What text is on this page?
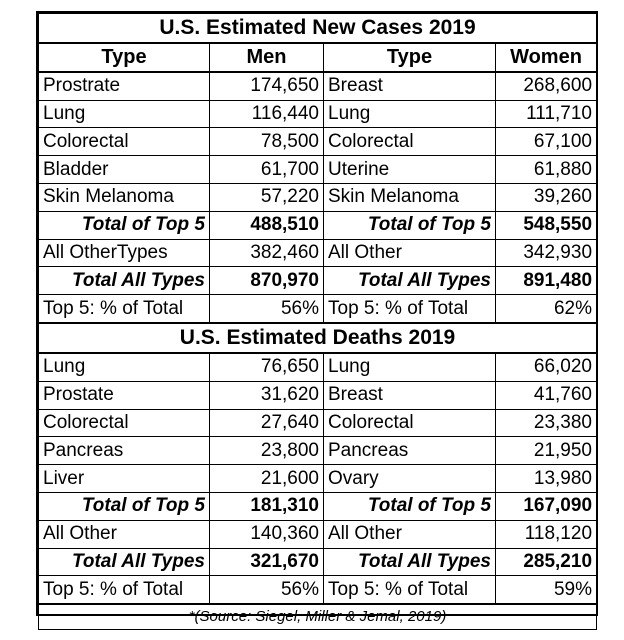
U.S. Estimated New Cases 2019			
Type	Men	Type	Women
Prostrate	174,650	Breast	268,600
Lung	116,440	Lung	111,710
Colorectal	78,500	Colorectal	67,100
Bladder	61,700	Uterine	61,880
Skin Melanoma	57,220	Skin Melanoma	39,260
Total of Top 5	488,510	Total of Top 5	548,550
All OtherTypes	382,460	All Other	342,930
Total All Types	870,970	Total All Types	891,480
Top 5: % of Total	56%	Top 5: % of Total	62%
U.S. Estimated Deaths 2019			
Lung	76,650	Lung	66,020
Prostate	31,620	Breast	41,760
Colorectal	27,640	Colorectal	23,380
Pancreas	23,800	Pancreas	21,950
Liver	21,600	Ovary	13,980
Total of Top 5	181,310	Total of Top 5	167,090
All Other	140,360	All Other	118,120
Total All Types	321,670	Total All Types	285,210
Top 5: % of Total	56%	Top 5: % of Total	59%
*(Source: Siegel, Miller & Jemal, 2019)			
